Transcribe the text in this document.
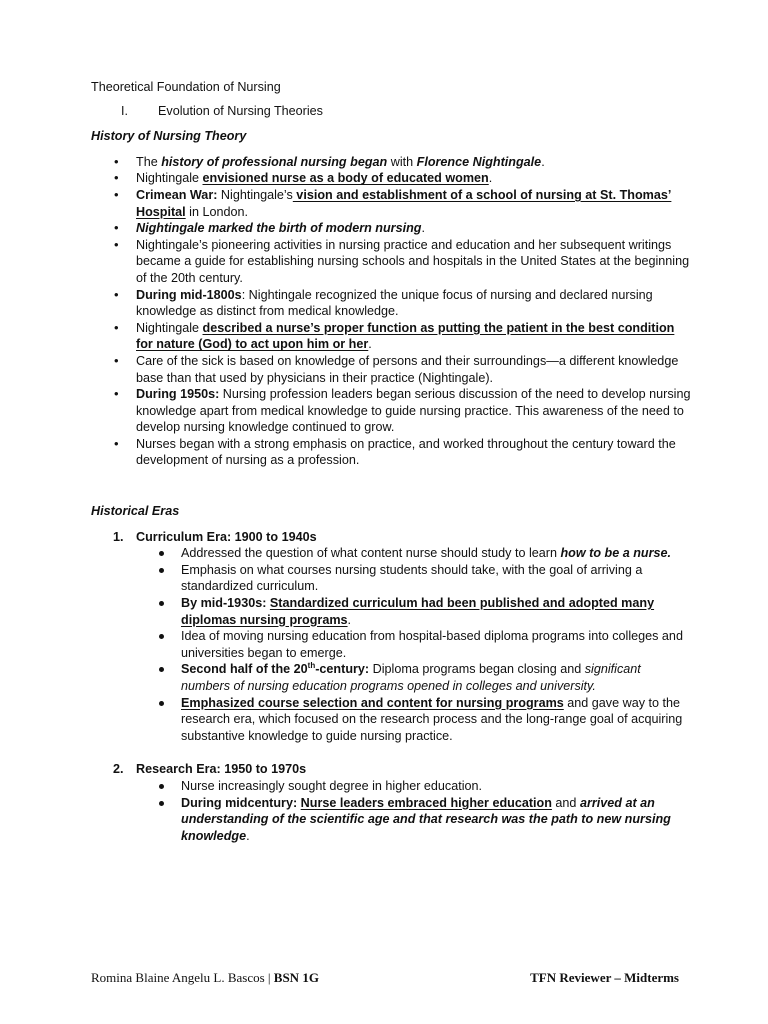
Theoretical Foundation of Nursing
I.	Evolution of Nursing Theories
History of Nursing Theory
• The history of professional nursing began with Florence Nightingale.
• Nightingale envisioned nurse as a body of educated women.
• Crimean War: Nightingale’s vision and establishment of a school of nursing at St. Thomas’ Hospital in London.
• Nightingale marked the birth of modern nursing.
• Nightingale’s pioneering activities in nursing practice and education and her subsequent writings became a guide for establishing nursing schools and hospitals in the United States at the beginning of the 20th century.
• During mid-1800s: Nightingale recognized the unique focus of nursing and declared nursing knowledge as distinct from medical knowledge.
• Nightingale described a nurse’s proper function as putting the patient in the best condition for nature (God) to act upon him or her.
• Care of the sick is based on knowledge of persons and their surroundings—a different knowledge base than that used by physicians in their practice (Nightingale).
• During 1950s: Nursing profession leaders began serious discussion of the need to develop nursing knowledge apart from medical knowledge to guide nursing practice. This awareness of the need to develop nursing knowledge continued to grow.
• Nurses began with a strong emphasis on practice, and worked throughout the century toward the development of nursing as a profession.
Historical Eras
1. Curriculum Era: 1900 to 1940s
Addressed the question of what content nurse should study to learn how to be a nurse.
Emphasis on what courses nursing students should take, with the goal of arriving a standardized curriculum.
By mid-1930s: Standardized curriculum had been published and adopted many diplomas nursing programs.
Idea of moving nursing education from hospital-based diploma programs into colleges and universities began to emerge.
Second half of the 20th-century: Diploma programs began closing and significant numbers of nursing education programs opened in colleges and university.
Emphasized course selection and content for nursing programs and gave way to the research era, which focused on the research process and the long-range goal of acquiring substantive knowledge to guide nursing practice.
2. Research Era: 1950 to 1970s
Nurse increasingly sought degree in higher education.
During midcentury: Nurse leaders embraced higher education and arrived at an understanding of the scientific age and that research was the path to new nursing knowledge.
Romina Blaine Angelu L. Bascos | BSN 1G	TFN Reviewer – Midterms
